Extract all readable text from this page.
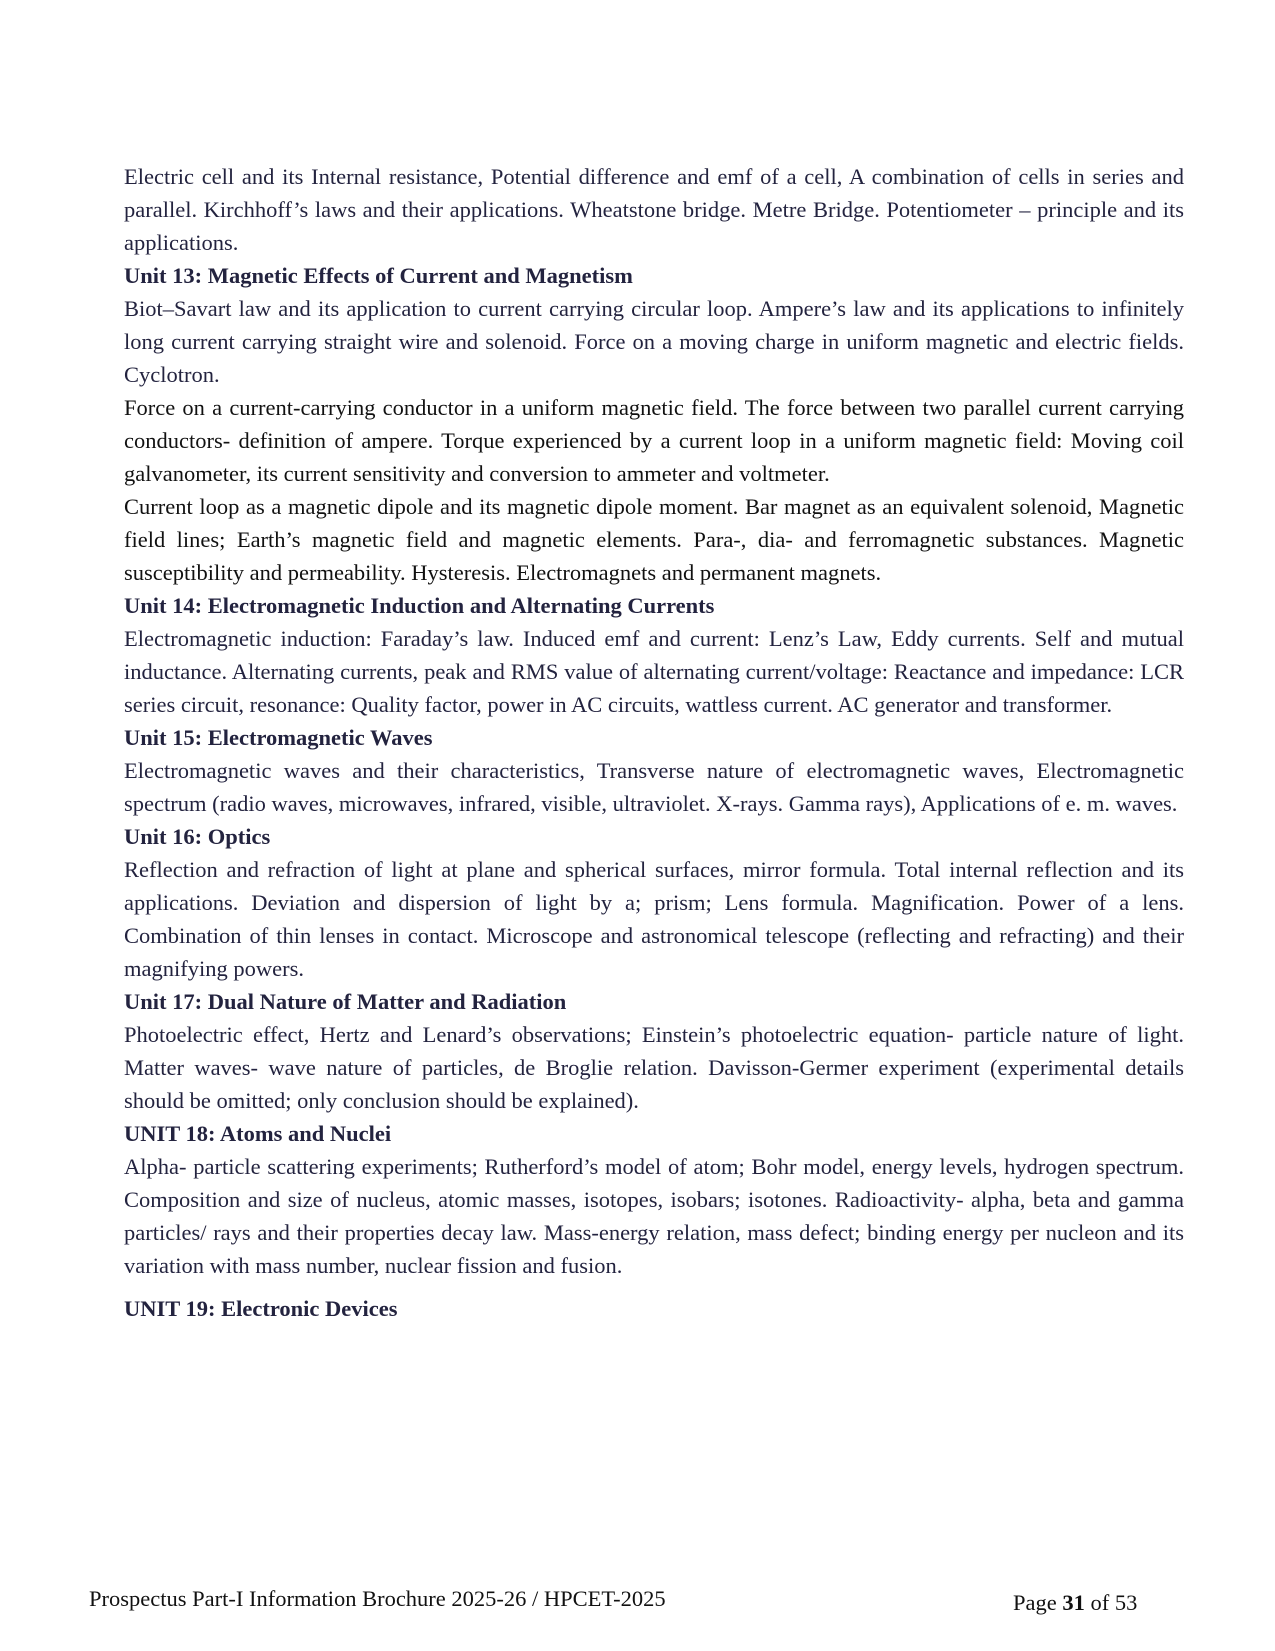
Electric cell and its Internal resistance, Potential difference and emf of a cell, A combination of cells in series and parallel. Kirchhoff’s laws and their applications. Wheatstone bridge. Metre Bridge. Potentiometer – principle and its applications.

Unit 13: Magnetic Effects of Current and Magnetism

Biot–Savart law and its application to current carrying circular loop. Ampere’s law and its applications to infinitely long current carrying straight wire and solenoid. Force on a moving charge in uniform magnetic and electric fields. Cyclotron.

Force on a current-carrying conductor in a uniform magnetic field. The force between two parallel current carrying conductors- definition of ampere. Torque experienced by a current loop in a uniform magnetic field: Moving coil galvanometer, its current sensitivity and conversion to ammeter and voltmeter.

Current loop as a magnetic dipole and its magnetic dipole moment. Bar magnet as an equivalent solenoid, Magnetic field lines; Earth’s magnetic field and magnetic elements. Para-, dia- and ferromagnetic substances. Magnetic susceptibility and permeability. Hysteresis. Electromagnets and permanent magnets.

Unit 14: Electromagnetic Induction and Alternating Currents

Electromagnetic induction: Faraday’s law. Induced emf and current: Lenz’s Law, Eddy currents. Self and mutual inductance. Alternating currents, peak and RMS value of alternating current/voltage: Reactance and impedance: LCR series circuit, resonance: Quality factor, power in AC circuits, wattless current. AC generator and transformer.

Unit 15: Electromagnetic Waves

Electromagnetic waves and their characteristics, Transverse nature of electromagnetic waves, Electromagnetic spectrum (radio waves, microwaves, infrared, visible, ultraviolet. X-rays. Gamma rays), Applications of e. m. waves.

Unit 16: Optics

Reflection and refraction of light at plane and spherical surfaces, mirror formula. Total internal reflection and its applications. Deviation and dispersion of light by a; prism; Lens formula. Magnification. Power of a lens. Combination of thin lenses in contact. Microscope and astronomical telescope (reflecting and refracting) and their magnifying powers.

Unit 17: Dual Nature of Matter and Radiation

Photoelectric effect, Hertz and Lenard’s observations; Einstein’s photoelectric equation- particle nature of light. Matter waves- wave nature of particles, de Broglie relation. Davisson-Germer experiment (experimental details should be omitted; only conclusion should be explained).

UNIT 18: Atoms and Nuclei

Alpha- particle scattering experiments; Rutherford’s model of atom; Bohr model, energy levels, hydrogen spectrum. Composition and size of nucleus, atomic masses, isotopes, isobars; isotones. Radioactivity- alpha, beta and gamma particles/ rays and their properties decay law. Mass-energy relation, mass defect; binding energy per nucleon and its variation with mass number, nuclear fission and fusion.

UNIT 19: Electronic Devices
Prospectus Part-I Information Brochure 2025-26 / HPCET-2025	Page 31 of 53
